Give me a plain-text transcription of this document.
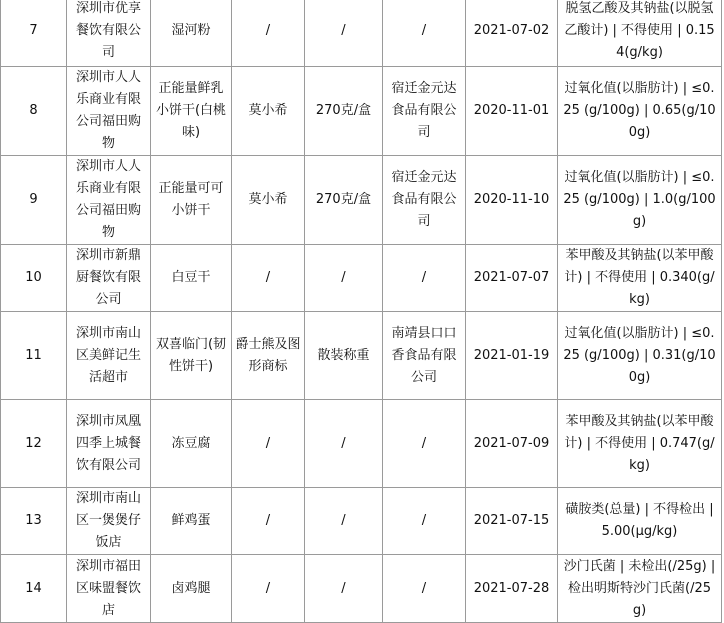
7	深圳市优享餐饮有限公司	湿河粉	/	/	/	2021-07-02	脱氢乙酸及其钠盐(以脱氢乙酸计) | 不得使用 | 0.154(g/kg)
8	深圳市人人乐商业有限公司福田购物	正能量鲜乳小饼干(白桃味)	莫小希	270克/盒	宿迁金元达食品有限公司	2020-11-01	过氧化值(以脂肪计) | ≤0.25 (g/100g) | 0.65(g/100g)
9	深圳市人人乐商业有限公司福田购物	正能量可可小饼干	莫小希	270克/盒	宿迁金元达食品有限公司	2020-11-10	过氧化值(以脂肪计) | ≤0.25 (g/100g) | 1.0(g/100g)
10	深圳市新鼎厨餐饮有限公司	白豆干	/	/	/	2021-07-07	苯甲酸及其钠盐(以苯甲酸计) | 不得使用 | 0.340(g/kg)
11	深圳市南山区美鲜记生活超市	双喜临门(韧性饼干)	爵士熊及图形商标	散装称重	南靖县口口香食品有限公司	2021-01-19	过氧化值(以脂肪计) | ≤0.25 (g/100g) | 0.31(g/100g)
12	深圳市凤凰四季上城餐饮有限公司	冻豆腐	/	/	/	2021-07-09	苯甲酸及其钠盐(以苯甲酸计) | 不得使用 | 0.747(g/kg)
13	深圳市南山区一煲煲仔饭店	鲜鸡蛋	/	/	/	2021-07-15	磺胺类(总量) | 不得检出 | 5.00(μg/kg)
14	深圳市福田区味盟餐饮店	卤鸡腿	/	/	/	2021-07-28	沙门氏菌 | 未检出(/25g) | 检出明斯特沙门氏菌(/25g)
